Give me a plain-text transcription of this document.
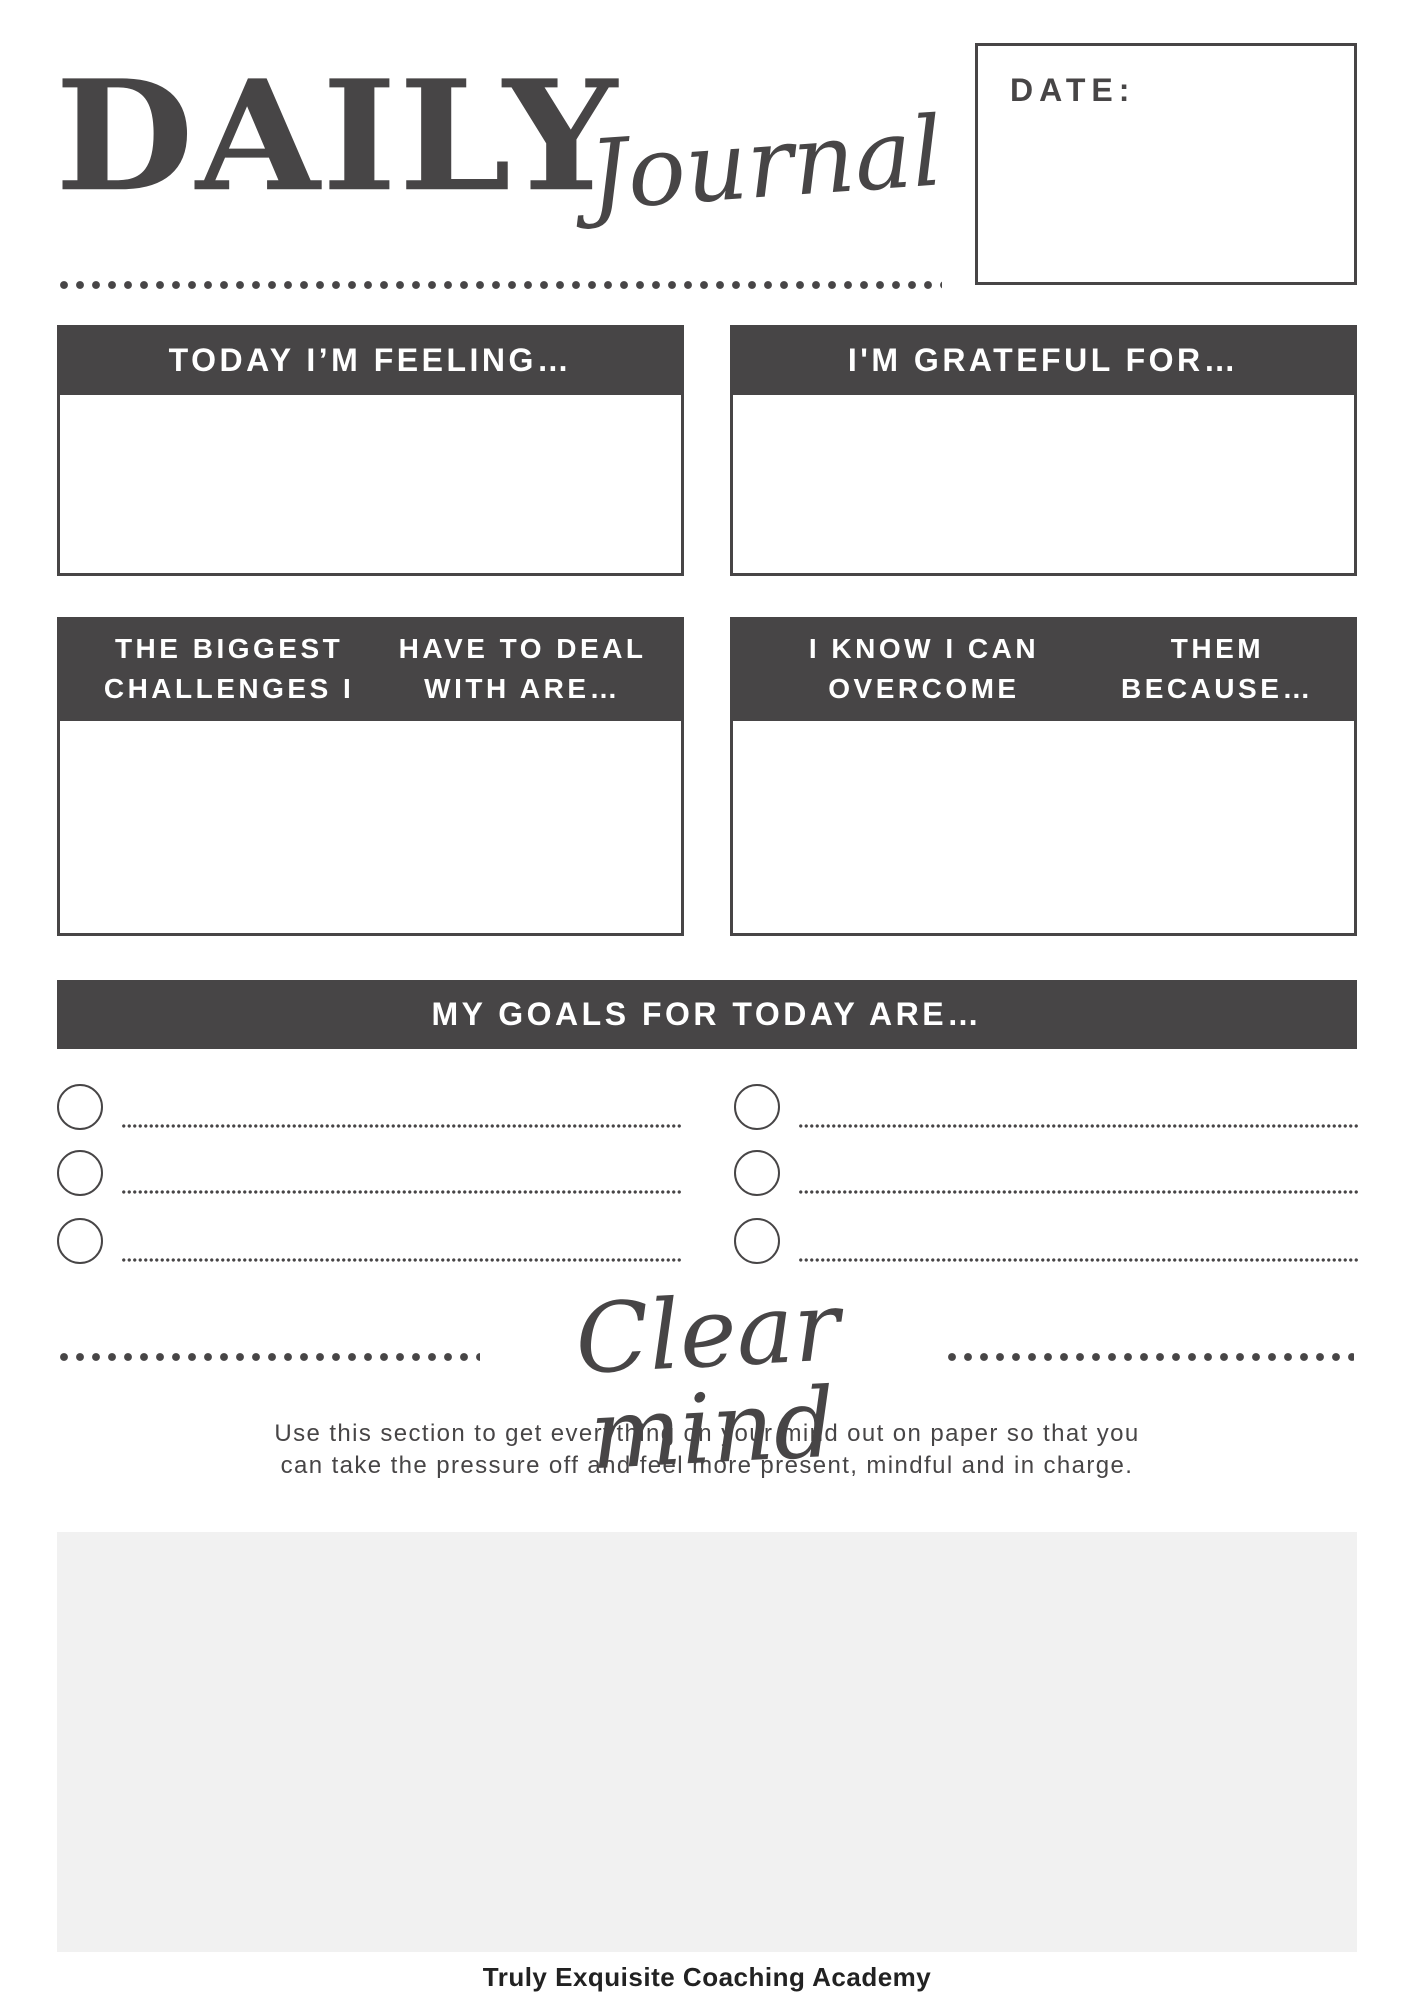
DAILY
Journal
DATE:
TODAY I’M FEELING…	I'M GRATEFUL FOR…
THE BIGGEST CHALLENGES I
HAVE TO DEAL WITH ARE…
I KNOW I CAN OVERCOME
THEM BECAUSE…
MY GOALS FOR TODAY ARE…
Clear mind
Use this section to get everything on your mind out on paper so that you
can take the pressure off and feel more present, mindful and in charge.
Truly Exquisite Coaching Academy
